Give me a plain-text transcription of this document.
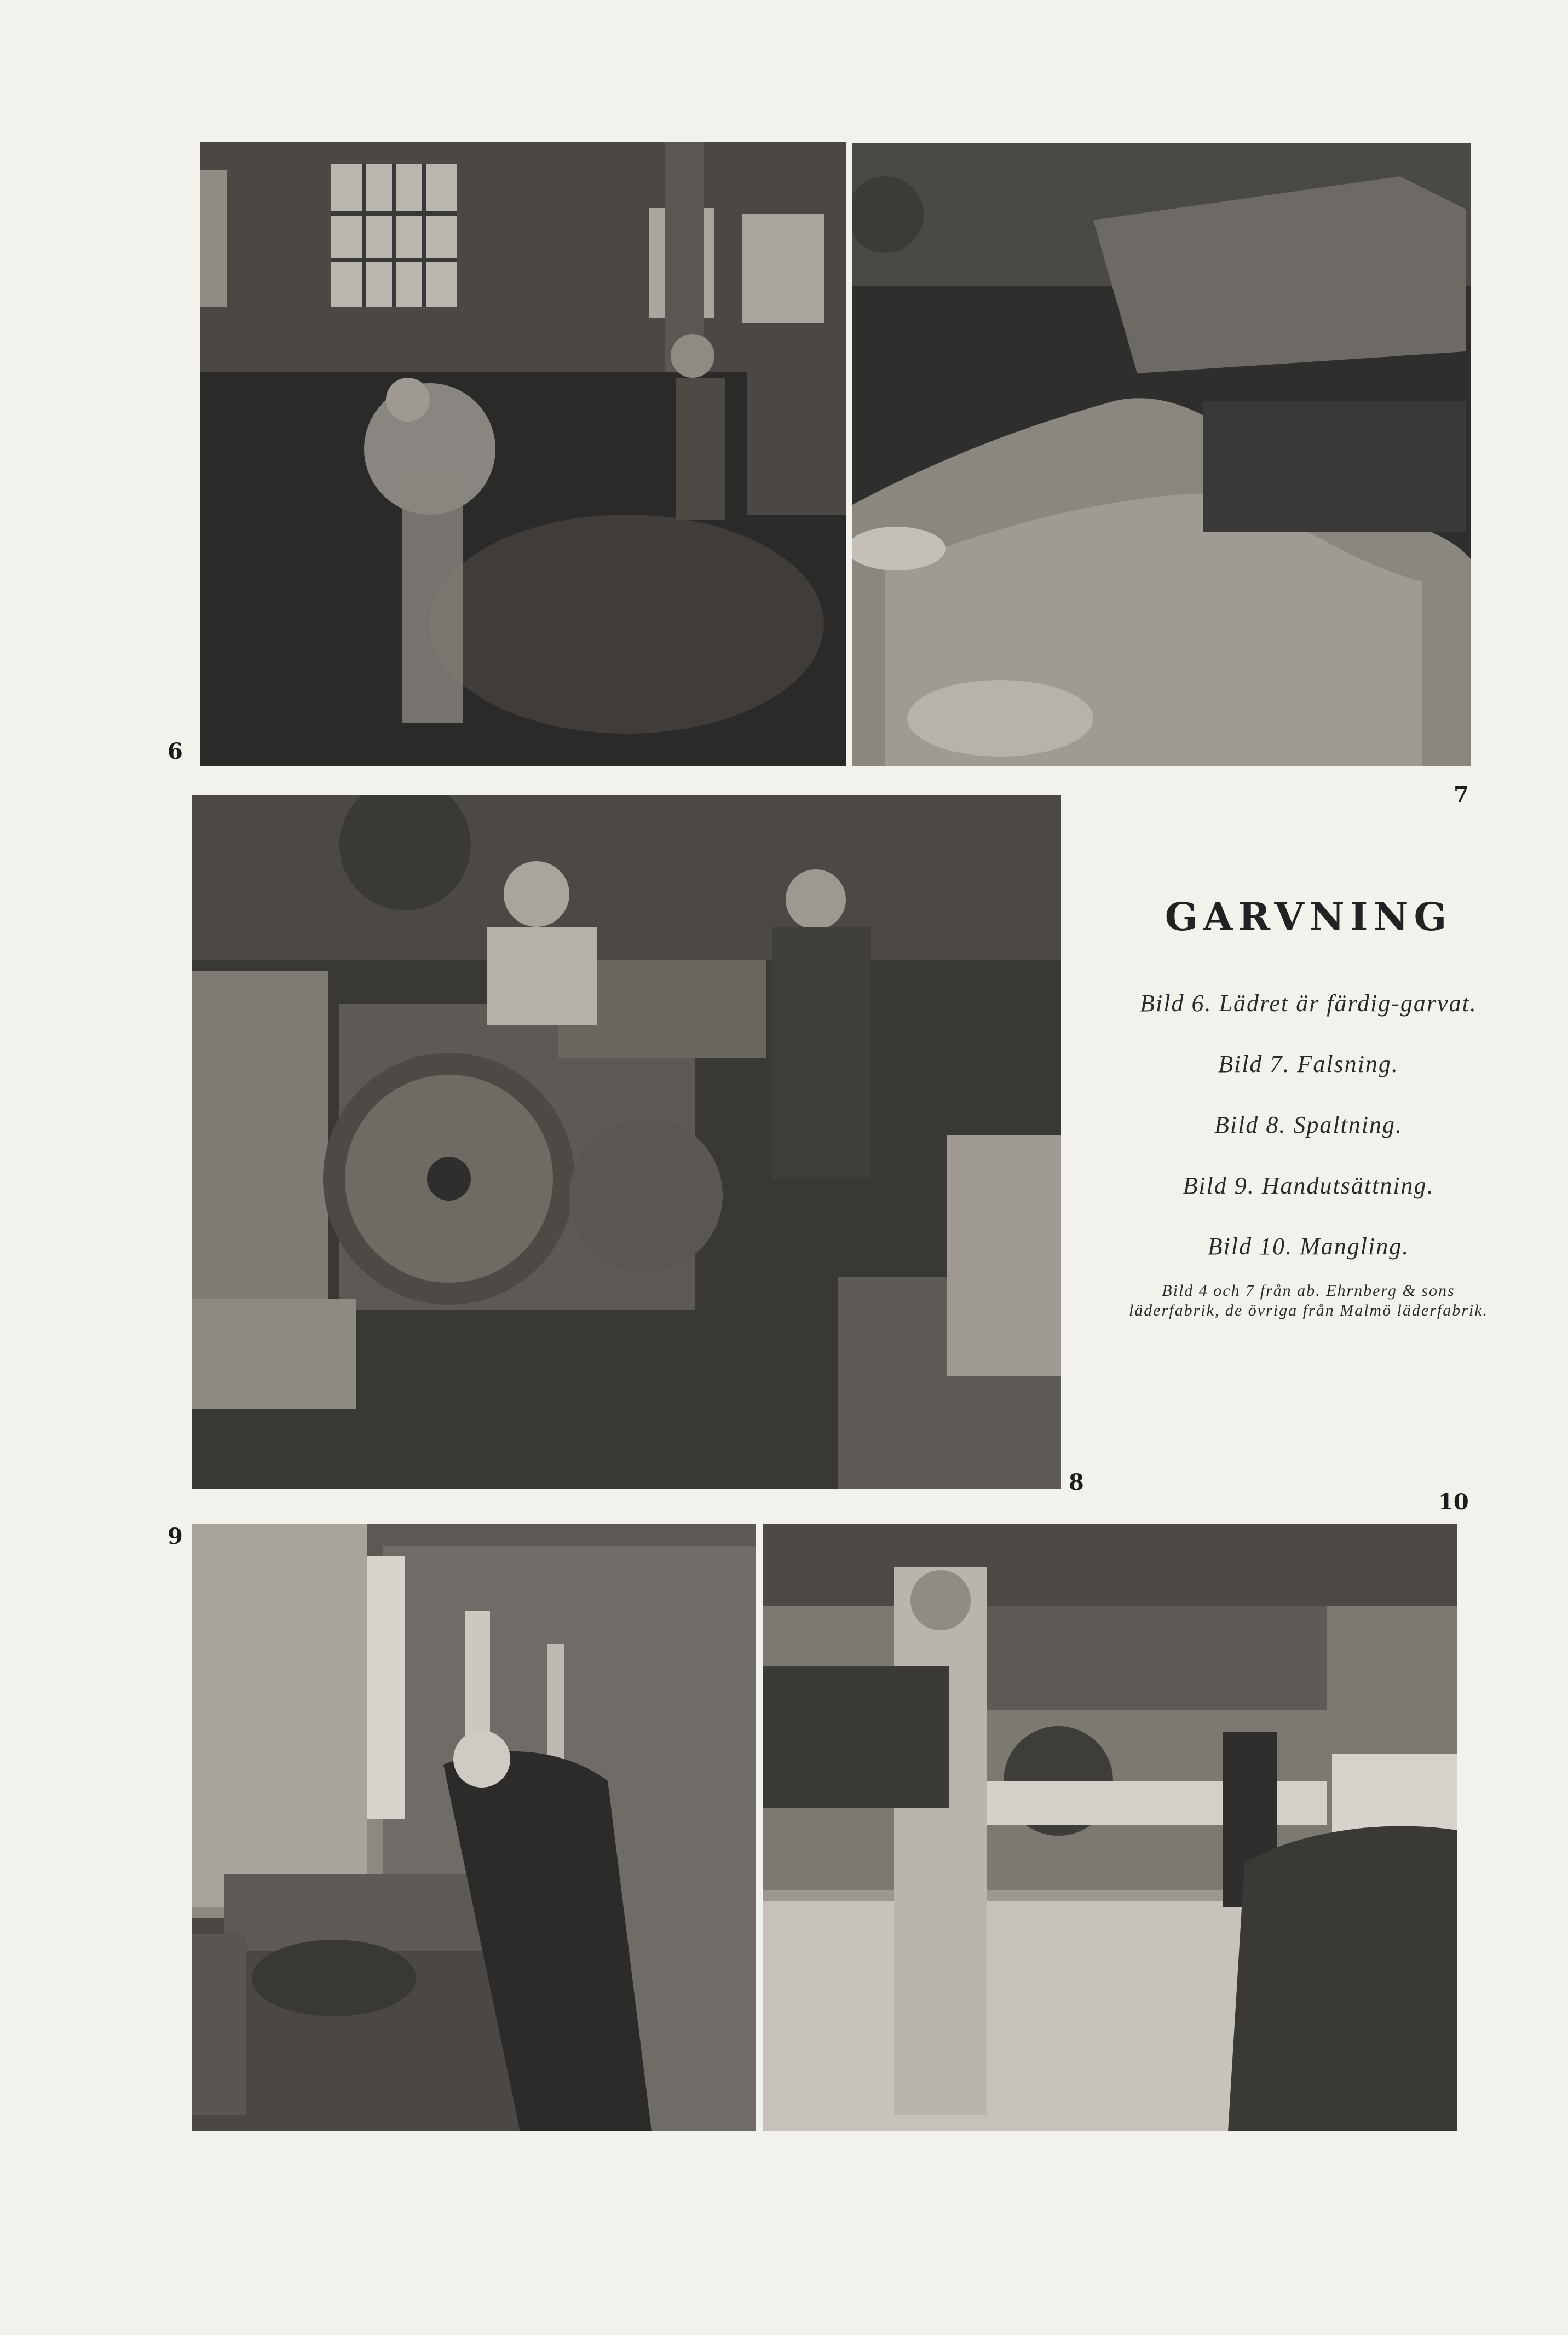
6
7
8
GARVNING

Bild 6. Lädret är färdig-garvat.

Bild 7. Falsning.

Bild 8. Spaltning.

Bild 9. Handutsättning.

Bild 10. Mangling.

Bild 4 och 7 från ab. Ehrnberg & sons läderfabrik, de övriga från Malmö läderfabrik.

9
10
